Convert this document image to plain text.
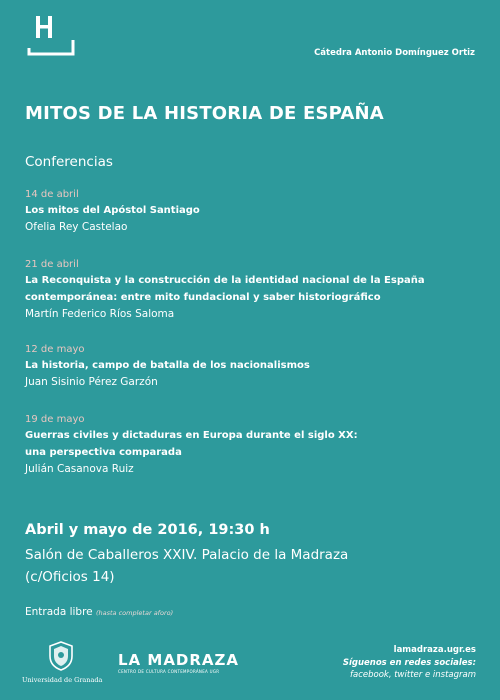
Cátedra Antonio Domínguez Ortiz
MITOS DE LA HISTORIA DE ESPAÑA
Conferencias
14 de abril
Los mitos del Apóstol Santiago
Ofelia Rey Castelao
21 de abril
La Reconquista y la construcción de la identidad nacional de la España
contemporánea: entre mito fundacional y saber historiográfico
Martín Federico Ríos Saloma
12 de mayo
La historia, campo de batalla de los nacionalismos
Juan Sisinio Pérez Garzón
19 de mayo
Guerras civiles y dictaduras en Europa durante el siglo XX:
una perspectiva comparada
Julián Casanova Ruiz
Abril y mayo de 2016, 19:30 h
Salón de Caballeros XXIV. Palacio de la Madraza
(c/Oficios 14)
Entrada libre (hasta completar aforo)
Universidad de Granada
LA MADRAZA
CENTRO DE CULTURA CONTEMPORÁNEA UGR
lamadraza.ugr.es
Síguenos en redes sociales:
facebook, twitter e instagram
